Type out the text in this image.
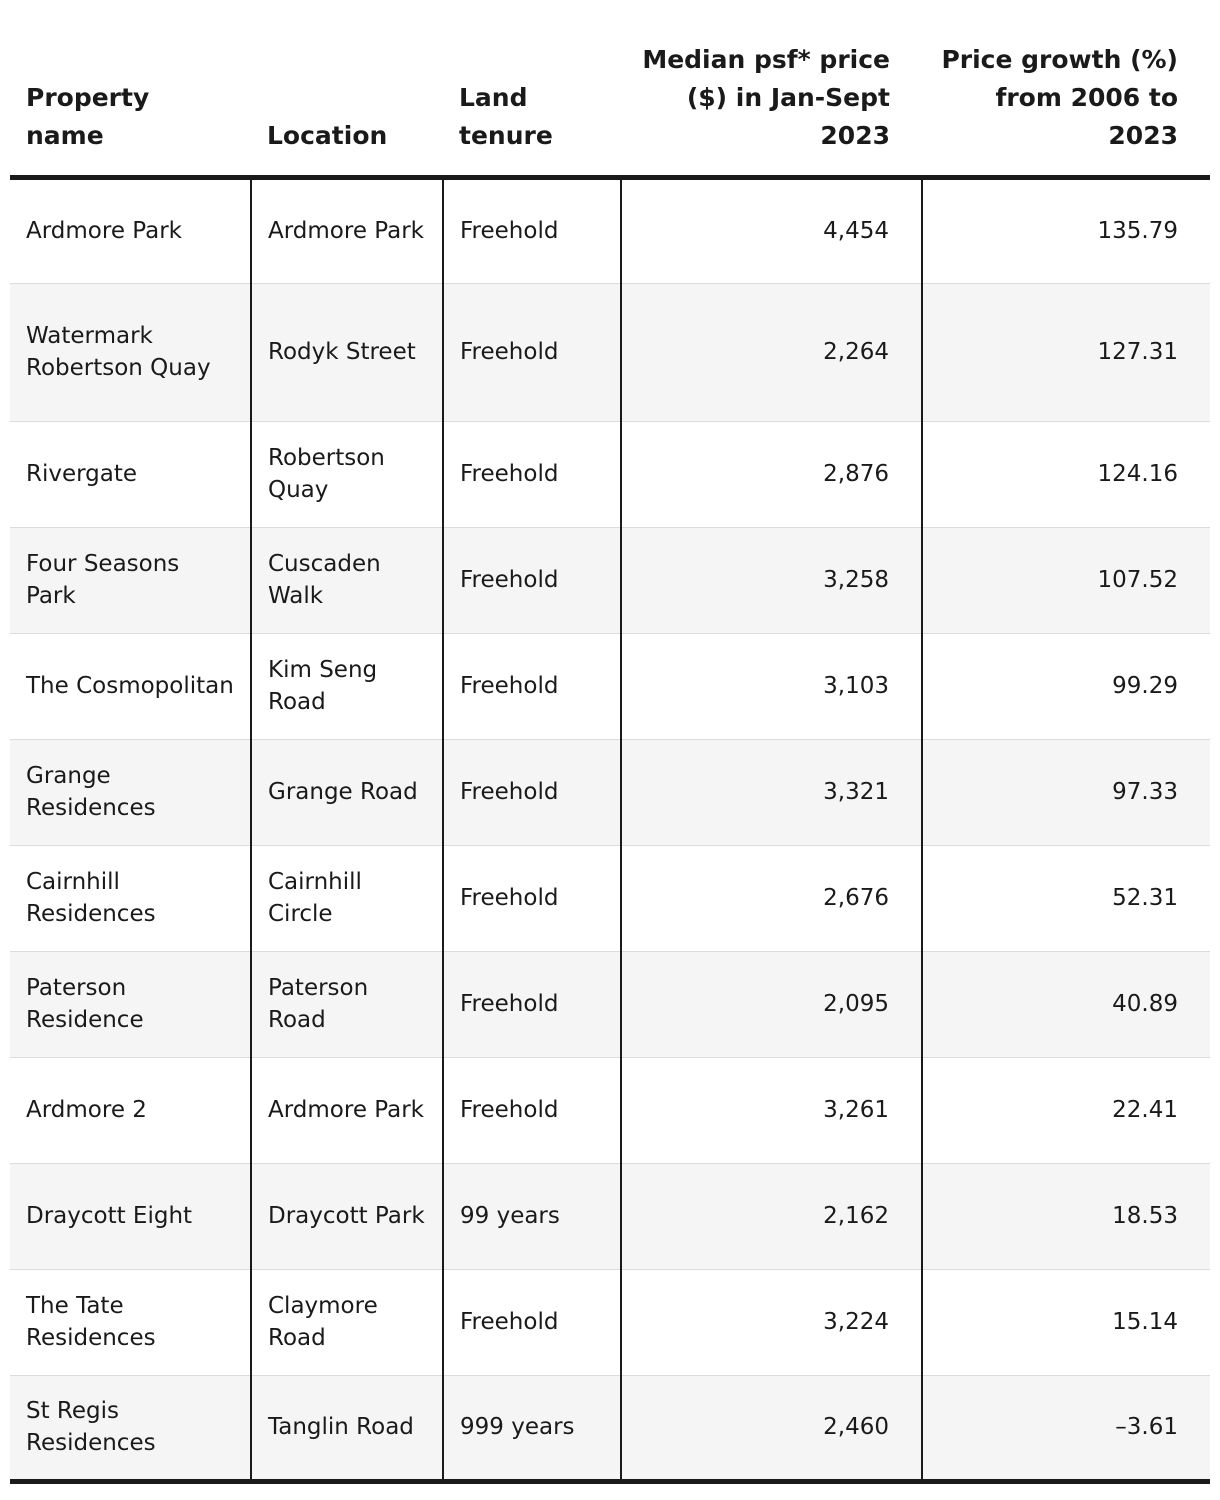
Property name	Location	Land tenure	Median psf* price ($) in Jan-Sept 2023	Price growth (%) from 2006 to 2023
Ardmore Park	Ardmore Park	Freehold	4,454	135.79
Watermark Robertson Quay	Rodyk Street	Freehold	2,264	127.31
Rivergate	Robertson Quay	Freehold	2,876	124.16
Four Seasons Park	Cuscaden Walk	Freehold	3,258	107.52
The Cosmopolitan	Kim Seng Road	Freehold	3,103	99.29
Grange Residences	Grange Road	Freehold	3,321	97.33
Cairnhill Residences	Cairnhill Circle	Freehold	2,676	52.31
Paterson Residence	Paterson Road	Freehold	2,095	40.89
Ardmore 2	Ardmore Park	Freehold	3,261	22.41
Draycott Eight	Draycott Park	99 years	2,162	18.53
The Tate Residences	Claymore Road	Freehold	3,224	15.14
St Regis Residences	Tanglin Road	999 years	2,460	–3.61
